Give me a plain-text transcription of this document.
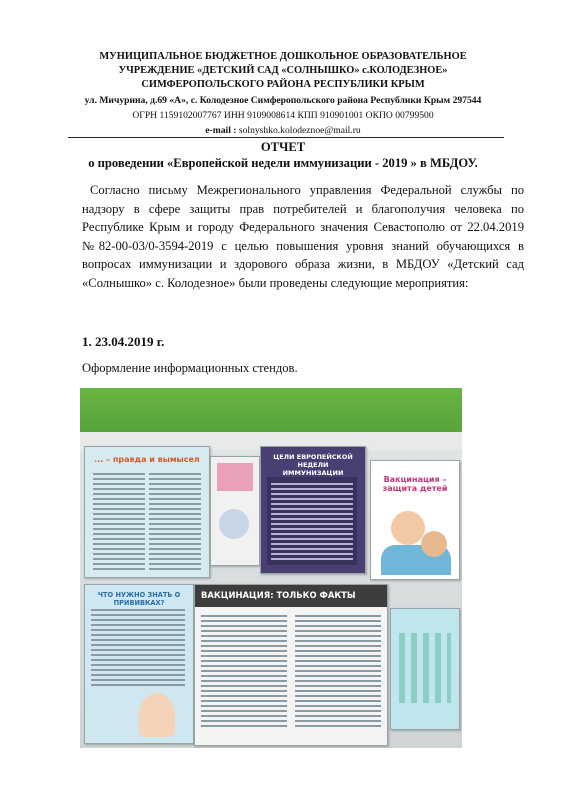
МУНИЦИПАЛЬНОЕ БЮДЖЕТНОЕ ДОШКОЛЬНОЕ ОБРАЗОВАТЕЛЬНОЕ
УЧРЕЖДЕНИЕ «ДЕТСКИЙ САД «СОЛНЫШКО» с.КОЛОДЕЗНОЕ»
СИМФЕРОПОЛЬСКОГО РАЙОНА РЕСПУБЛИКИ КРЫМ
ул. Мичурина, д.69 «А», с. Колодезное Симферопольского района Республики Крым 297544
ОГРН 1159102007767 ИНН 9109008614 КПП 910901001 ОКПО 00799500
e-mail : solnyshko.kolodeznoe@mail.ru
ОТЧЕТ
о проведении «Европейской недели иммунизации - 2019 » в МБДОУ.
Согласно письму Межрегионального управления Федеральной службы по надзору в сфере защиты прав потребителей и благополучия человека по Республике Крым и городу Федерального значения Севастополю от 22.04.2019 №82-00-03/0-3594-2019 с целью повышения уровня знаний обучающихся в вопросах иммунизации и здорового образа жизни, в МБДОУ «Детский сад «Солнышко» с. Колодезное» были проведены следующие мероприятия:
1. 23.04.2019 г.
Оформление информационных стендов.
... – правда и вымысел	ЦЕЛИ ЕВРОПЕЙСКОЙ НЕДЕЛИ ИММУНИЗАЦИИ
Вакцинация – защита детей
ЧТО НУЖНО ЗНАТЬ О ПРИВИВКАХ?
ВАКЦИНАЦИЯ: ТОЛЬКО ФАКТЫ
